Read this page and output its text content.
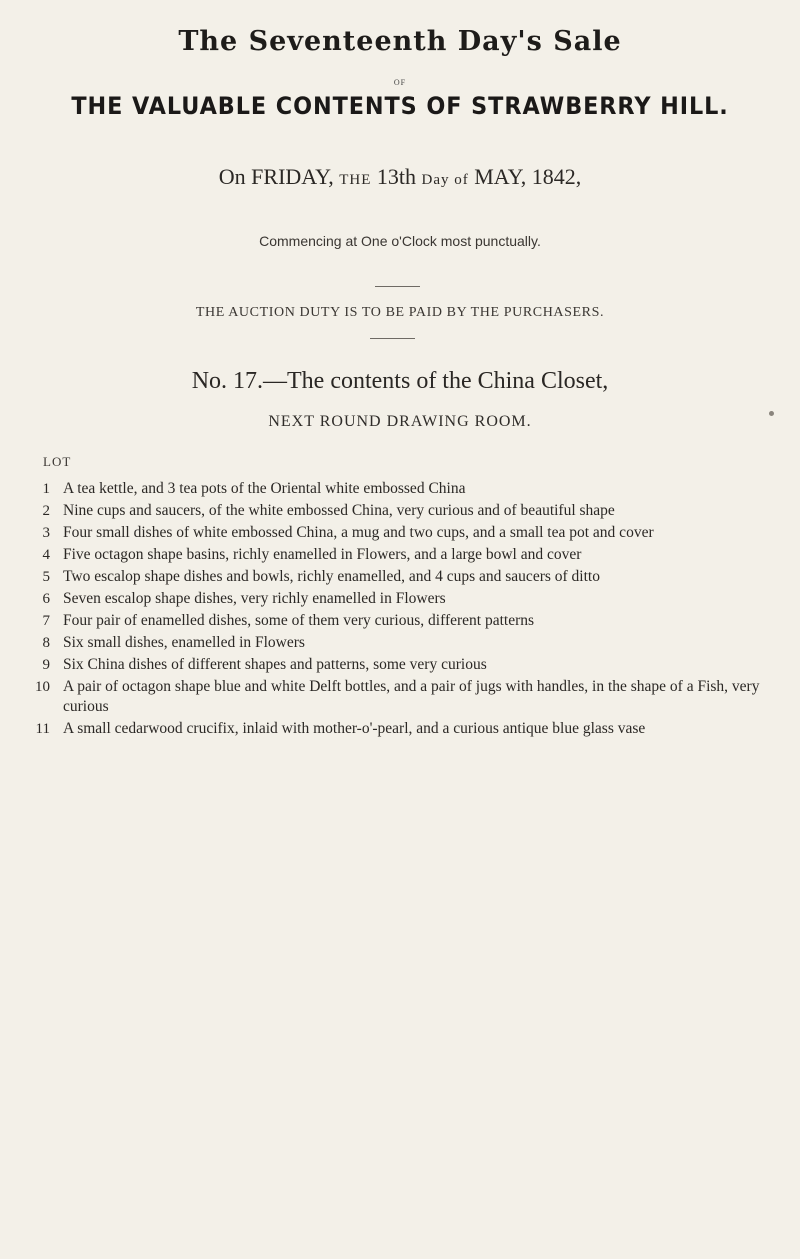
The Seventeenth Day's Sale
OF
THE VALUABLE CONTENTS OF STRAWBERRY HILL.
On FRIDAY, THE 13th Day of MAY, 1842,
Commencing at One o'Clock most punctually.
THE AUCTION DUTY IS TO BE PAID BY THE PURCHASERS.
No. 17.—The contents of the China Closet,
NEXT ROUND DRAWING ROOM.
LOT
1 A tea kettle, and 3 tea pots of the Oriental white embossed China
2 Nine cups and saucers, of the white embossed China, very curious and of beautiful shape
3 Four small dishes of white embossed China, a mug and two cups, and a small tea pot and cover
4 Five octagon shape basins, richly enamelled in Flowers, and a large bowl and cover
5 Two escalop shape dishes and bowls, richly enamelled, and 4 cups and saucers of ditto
6 Seven escalop shape dishes, very richly enamelled in Flowers
7 Four pair of enamelled dishes, some of them very curious, different patterns
8 Six small dishes, enamelled in Flowers
9 Six China dishes of different shapes and patterns, some very curious
10 A pair of octagon shape blue and white Delft bottles, and a pair of jugs with handles, in the shape of a Fish, very curious
11 A small cedarwood crucifix, inlaid with mother-o'-pearl, and a curious antique blue glass vase
